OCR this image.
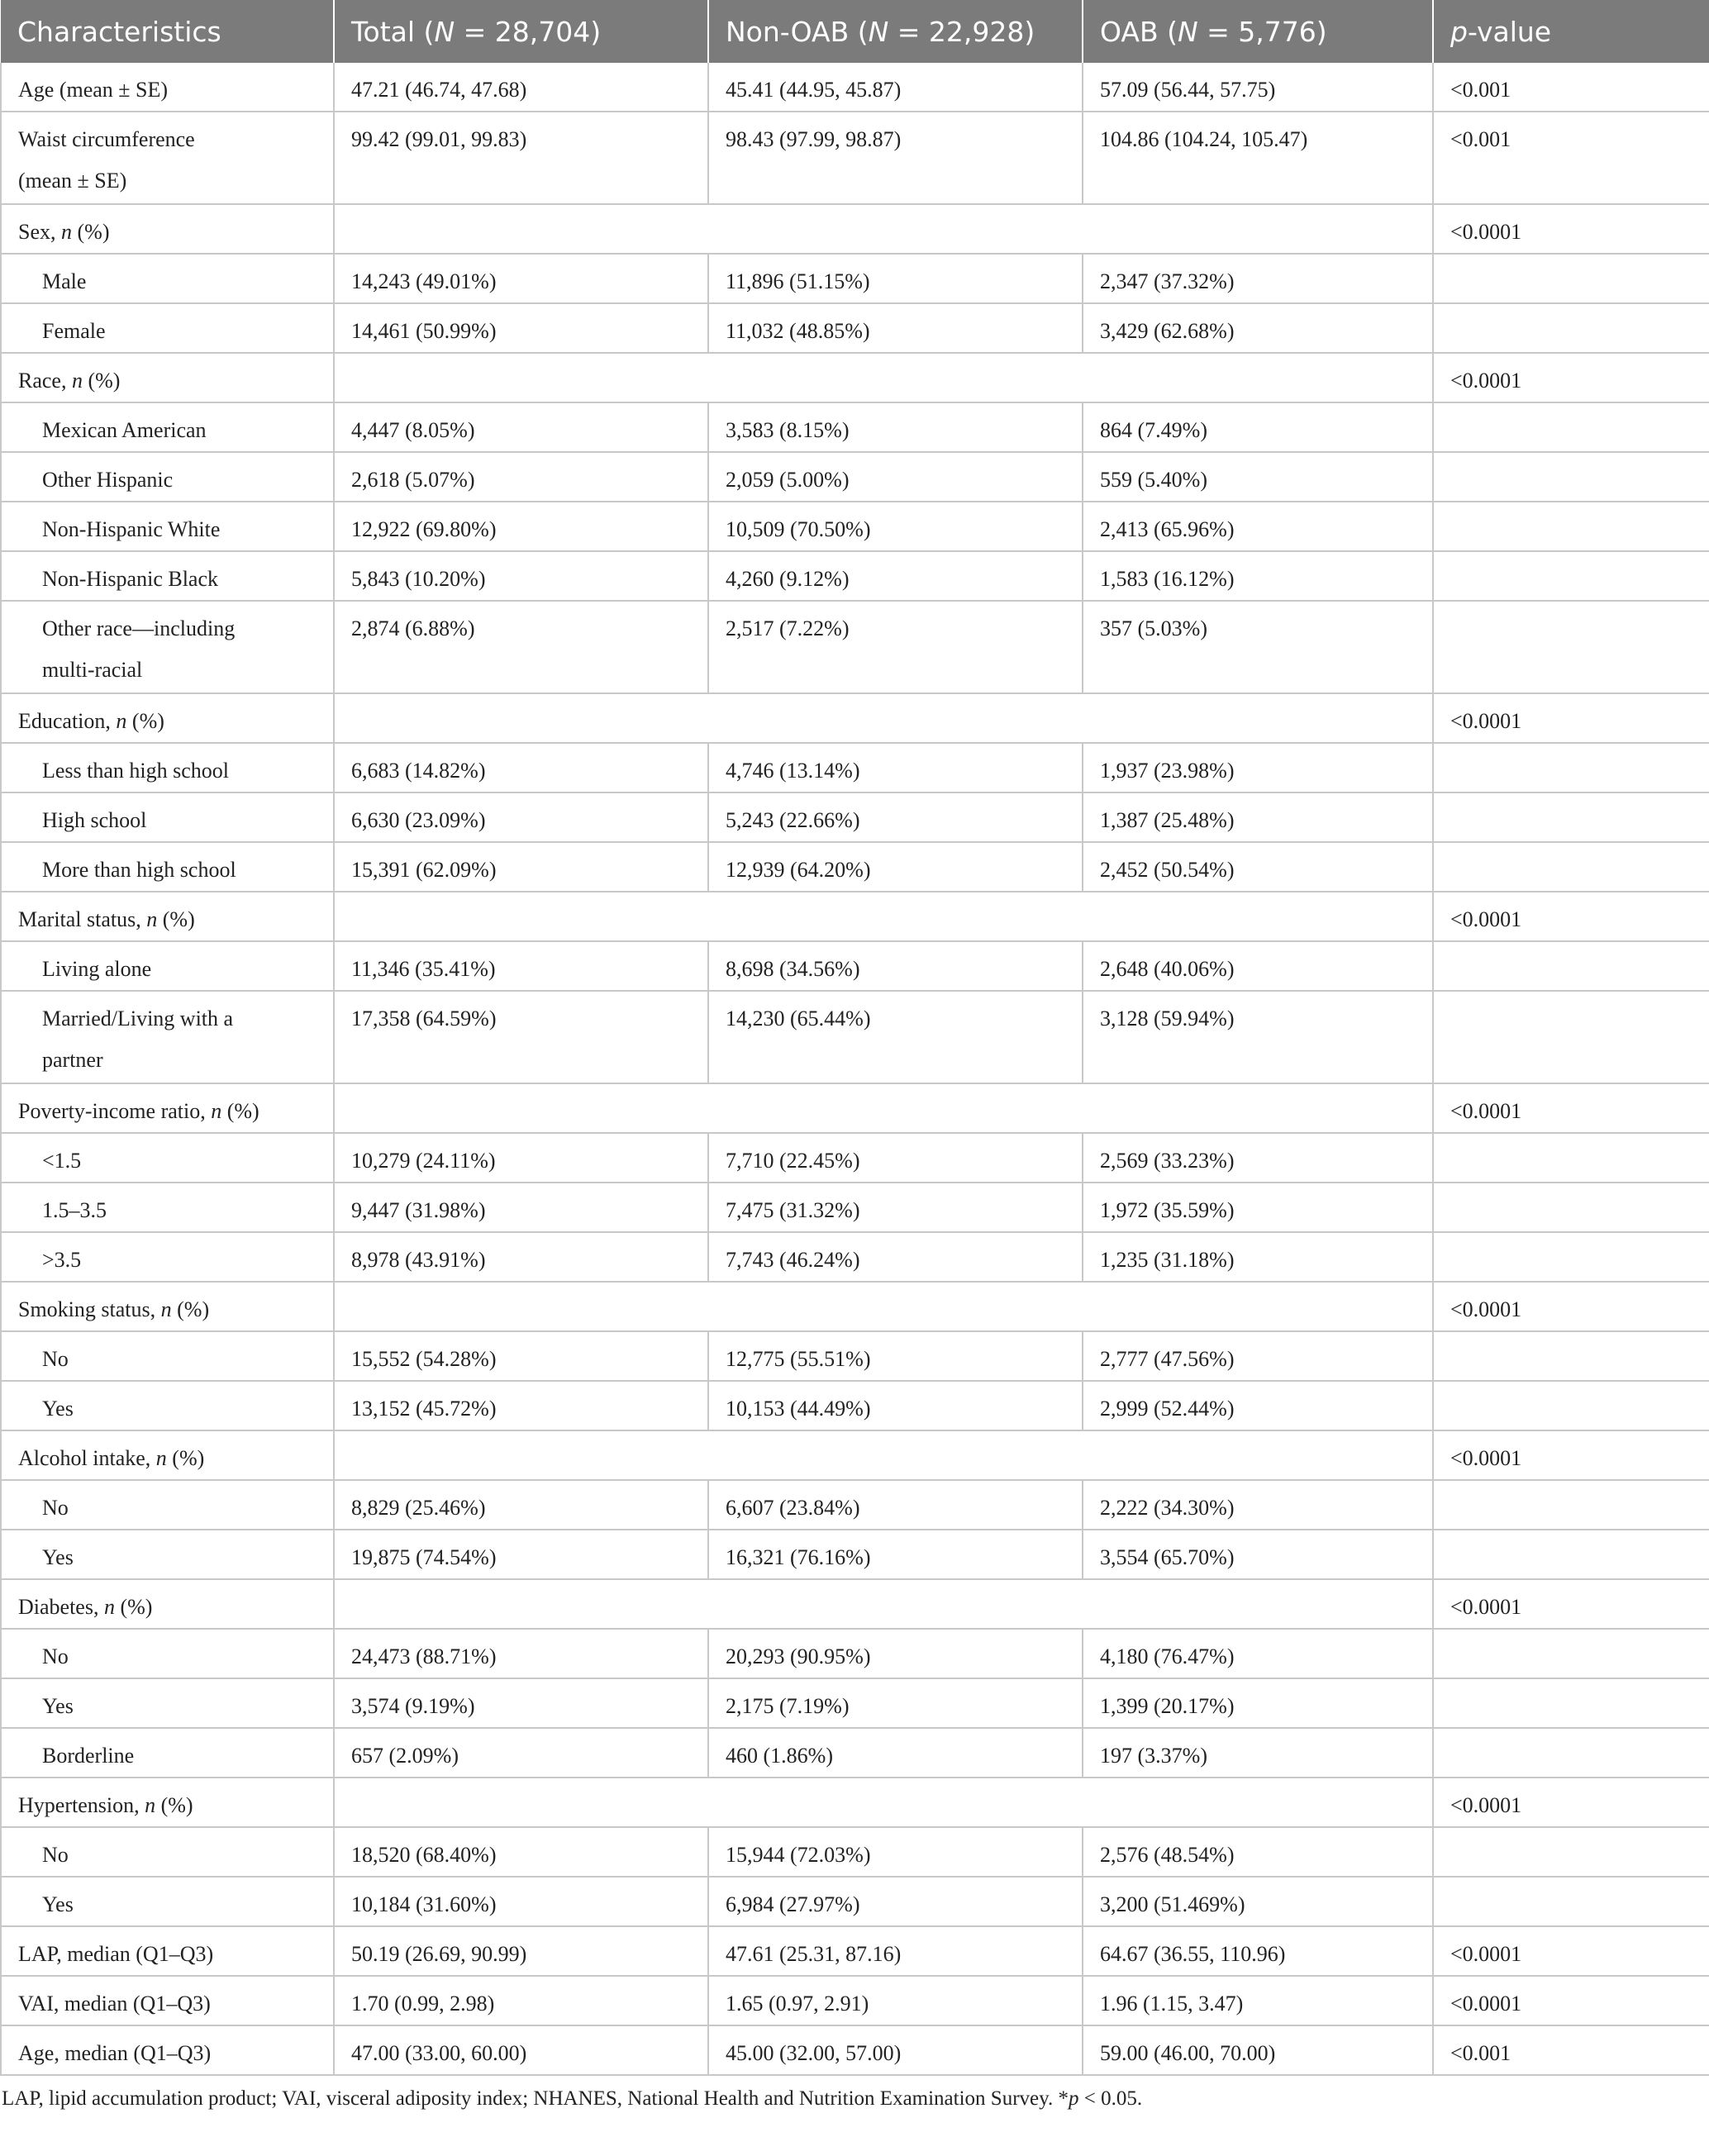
Characteristics	Total (N = 28,704)	Non-OAB (N = 22,928)	OAB (N = 5,776)	p-value
Age (mean ± SE)	47.21 (46.74, 47.68)	45.41 (44.95, 45.87)	57.09 (56.44, 57.75)	<0.001
Waist circumference
(mean ± SE)	99.42 (99.01, 99.83)	98.43 (97.99, 98.87)	104.86 (104.24, 105.47)	<0.001
Sex, n (%)				<0.0001
Male	14,243 (49.01%)	11,896 (51.15%)	2,347 (37.32%)	
Female	14,461 (50.99%)	11,032 (48.85%)	3,429 (62.68%)	
Race, n (%)				<0.0001
Mexican American	4,447 (8.05%)	3,583 (8.15%)	864 (7.49%)	
Other Hispanic	2,618 (5.07%)	2,059 (5.00%)	559 (5.40%)	
Non-Hispanic White	12,922 (69.80%)	10,509 (70.50%)	2,413 (65.96%)	
Non-Hispanic Black	5,843 (10.20%)	4,260 (9.12%)	1,583 (16.12%)	
Other race—including
multi-racial	2,874 (6.88%)	2,517 (7.22%)	357 (5.03%)	
Education, n (%)				<0.0001
Less than high school	6,683 (14.82%)	4,746 (13.14%)	1,937 (23.98%)	
High school	6,630 (23.09%)	5,243 (22.66%)	1,387 (25.48%)	
More than high school	15,391 (62.09%)	12,939 (64.20%)	2,452 (50.54%)	
Marital status, n (%)				<0.0001
Living alone	11,346 (35.41%)	8,698 (34.56%)	2,648 (40.06%)	
Married/Living with a
partner	17,358 (64.59%)	14,230 (65.44%)	3,128 (59.94%)	
Poverty-income ratio, n (%)				<0.0001
<1.5	10,279 (24.11%)	7,710 (22.45%)	2,569 (33.23%)	
1.5–3.5	9,447 (31.98%)	7,475 (31.32%)	1,972 (35.59%)	
>3.5	8,978 (43.91%)	7,743 (46.24%)	1,235 (31.18%)	
Smoking status, n (%)				<0.0001
No	15,552 (54.28%)	12,775 (55.51%)	2,777 (47.56%)	
Yes	13,152 (45.72%)	10,153 (44.49%)	2,999 (52.44%)	
Alcohol intake, n (%)				<0.0001
No	8,829 (25.46%)	6,607 (23.84%)	2,222 (34.30%)	
Yes	19,875 (74.54%)	16,321 (76.16%)	3,554 (65.70%)	
Diabetes, n (%)				<0.0001
No	24,473 (88.71%)	20,293 (90.95%)	4,180 (76.47%)	
Yes	3,574 (9.19%)	2,175 (7.19%)	1,399 (20.17%)	
Borderline	657 (2.09%)	460 (1.86%)	197 (3.37%)	
Hypertension, n (%)				<0.0001
No	18,520 (68.40%)	15,944 (72.03%)	2,576 (48.54%)	
Yes	10,184 (31.60%)	6,984 (27.97%)	3,200 (51.469%)	
LAP, median (Q1–Q3)	50.19 (26.69, 90.99)	47.61 (25.31, 87.16)	64.67 (36.55, 110.96)	<0.0001
VAI, median (Q1–Q3)	1.70 (0.99, 2.98)	1.65 (0.97, 2.91)	1.96 (1.15, 3.47)	<0.0001
Age, median (Q1–Q3)	47.00 (33.00, 60.00)	45.00 (32.00, 57.00)	59.00 (46.00, 70.00)	<0.001

LAP, lipid accumulation product; VAI, visceral adiposity index; NHANES, National Health and Nutrition Examination Survey. *p < 0.05.
